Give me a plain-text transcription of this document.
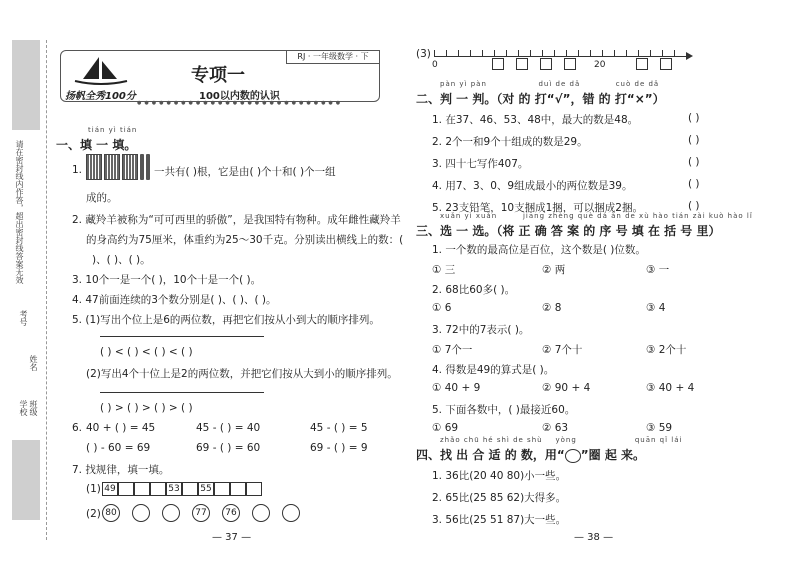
请在密封线内作答，超出密封线答案无效
考号
姓名
学校 班级
RJ · 一年级数学 · 下
扬帆全秀100分
专项一
100以内数的认识
●●●●●●●●●●●●●●●●●●●●●●●●●●●●
tián yì tián
一、填 一 填。
1.	一共有( )根，它是由( )个十和( )个一组
成的。
2. 藏羚羊被称为“可可西里的骄傲”，是我国特有物种。成年雌性藏羚羊
的身高约为75厘米，体重约为25～30千克。分别读出横线上的数：(
)、( )、( )。
3. 10个一是一个( )，10个十是一个( )。
4. 47前面连续的3个数分别是( )、( )、( )。
5. (1)写出个位上是6的两位数，再把它们按从小到大的顺序排列。
( ) < ( ) < ( ) < ( )
(2)写出4个十位上是2的两位数，并把它们按从大到小的顺序排列。
( ) > ( ) > ( ) > ( )
6. 40 + ( ) = 45	45 - ( ) = 40	45 - ( ) = 5
( ) - 60 = 69	69 - ( ) = 60	69 - ( ) = 9
7. 找规律，填一填。
(1) 49	53 55
(2) 80	77	76
— 37 —
(3)
0	20
pàn yì pàn                duì de dǎ           cuò de dǎ
二、判 一 判。（对 的 打“√”，错 的 打“×”）
1. 在37、46、53、48中，最大的数是48。	( )
2. 2个一和9个十组成的数是29。	( )
3. 四十七写作407。	( )
4. 用7、3、0、9组成最小的两位数是39。	( )
5. 23支铅笔，10支捆成1捆，可以捆成2捆。	( )
xuǎn yì xuǎn        jiāng zhèng què dá àn de xù hào tián zài kuò hào lǐ
三、选 一 选。（将 正 确 答 案 的 序 号 填 在 括 号 里）
1. 一个数的最高位是百位，这个数是( )位数。
① 三	② 两	③ 一
2. 68比60多( )。
① 6	② 8	③ 4
3. 72中的7表示( )。
① 7个一	② 7个十	③ 2个十
4. 得数是49的算式是( )。
① 40 + 9	② 90 + 4	③ 40 + 4
5. 下面各数中，( )最接近60。
① 69	② 63	③ 59
zhǎo chū hé shì de shù    yòng                  quān qǐ lái
四、找 出 合 适 的 数，用“ ”圈 起 来。
1. 36比(20 40 80)小一些。
2. 65比(25 85 62)大得多。
3. 56比(25 51 87)大一些。
— 38 —
